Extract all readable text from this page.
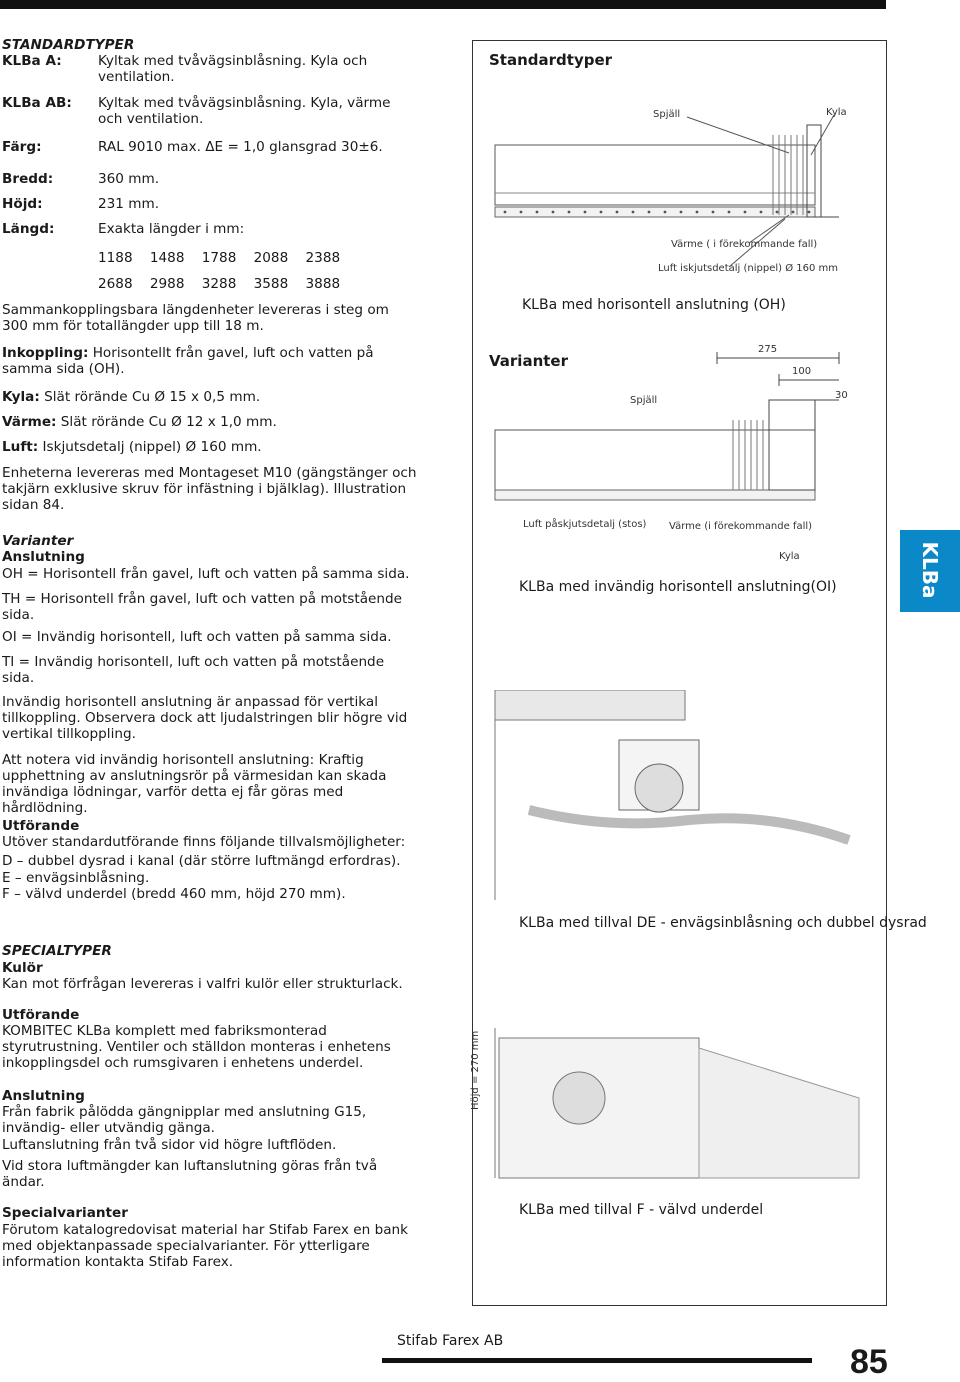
STANDARDTYPER
KLBa A:	Kyltak med tvåvägsinblåsning. Kyla och ventilation.
KLBa AB: Kyltak med tvåvägsinblåsning. Kyla, värme och ventilation.
Färg:	RAL 9010 max. ΔE = 1,0 glansgrad 30±6.
Bredd:	360 mm.
Höjd:	231 mm.
Längd:	Exakta längder i mm:
1188    1488    1788    2088    2388
2688    2988    3288    3588    3888
Sammankopplingsbara längdenheter levereras i steg om 300 mm för totallängder upp till 18 m.
Inkoppling: Horisontellt från gavel, luft och vatten på samma sida (OH).
Kyla: Slät rörände Cu Ø 15 x 0,5 mm.
Värme: Slät rörände Cu Ø 12 x 1,0 mm.
Luft: Iskjutsdetalj (nippel) Ø 160 mm.
Enheterna levereras med Montageset M10 (gängstänger och takjärn exklusive skruv för infästning i bjälklag). Illustration sidan 84.
Varianter
Anslutning
OH = Horisontell från gavel, luft och vatten på samma sida.
TH = Horisontell från gavel, luft och vatten på motstående sida.
OI = Invändig horisontell, luft och vatten på samma sida.
TI = Invändig horisontell, luft och vatten på motstående sida.
Invändig horisontell anslutning är anpassad för vertikal tillkoppling. Observera dock att ljudalstringen blir högre vid vertikal tillkoppling.
Att notera vid invändig horisontell anslutning: Kraftig upphettning av anslutningsrör på värmesidan kan skada invändiga lödningar, varför detta ej får göras med hårdlödning.
Utförande
Utöver standardutförande finns följande tillvalsmöjligheter:
D – dubbel dysrad i kanal (där större luftmängd erfordras).
E – envägsinblåsning.
F – välvd underdel (bredd 460 mm, höjd 270 mm).
SPECIALTYPER
Kulör
Kan mot förfrågan levereras i valfri kulör eller strukturlack.
Utförande
KOMBITEC KLBa komplett med fabriksmonterad styrutrustning. Ventiler och ställdon monteras i enhetens inkopplingsdel och rumsgivaren i enhetens underdel.
Anslutning
Från fabrik pålödda gängnipplar med anslutning G15, invändig- eller utvändig gänga.
Luftanslutning från två sidor vid högre luftflöden.
Vid stora luftmängder kan luftanslutning göras från två ändar.
Specialvarianter
Förutom katalogredovisat material har Stifab Farex en bank med objektanpassade specialvarianter. För ytterligare information kontakta Stifab Farex.
Standardtyper
Spjäll	Kyla
Värme ( i förekommande fall)
Luft iskjutsdetalj (nippel) Ø 160 mm
KLBa med horisontell anslutning (OH)
Varianter
275
100
30
Spjäll
Luft påskjutsdetalj (stos) Värme (i förekommande fall)
Kyla
KLBa med invändig horisontell anslutning(OI)
KLBa med tillval DE - envägsinblåsning och dubbel dysrad
Höjd = 270 mm
KLBa med tillval F - välvd underdel
KLBa
Stifab Farex AB
85
